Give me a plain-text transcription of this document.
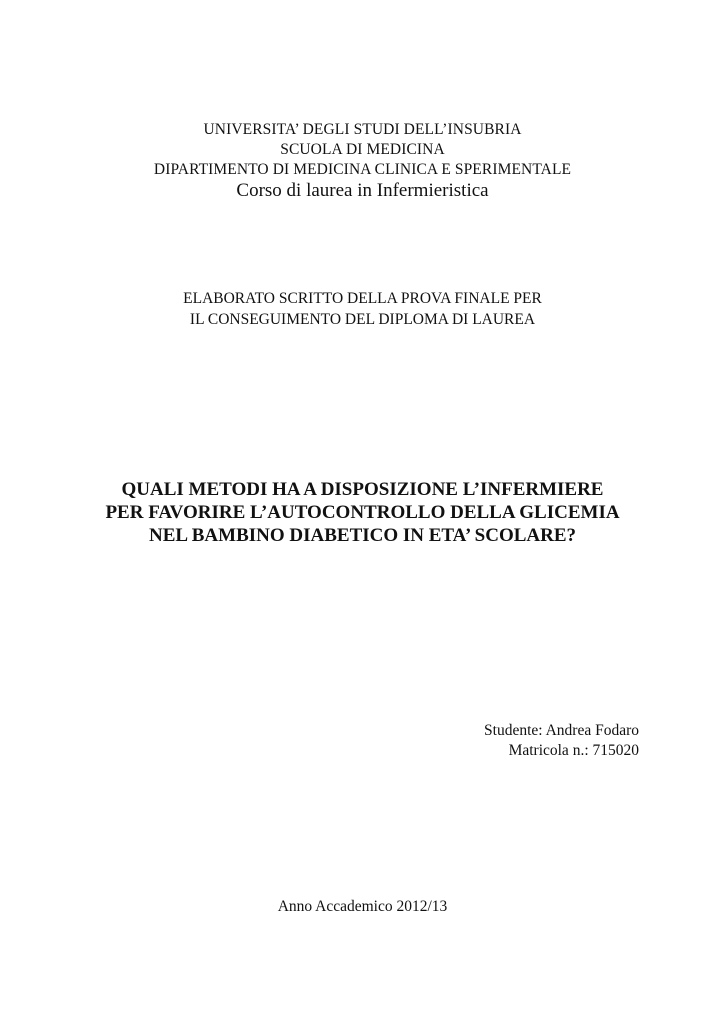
UNIVERSITA’ DEGLI STUDI DELL’INSUBRIA
SCUOLA DI MEDICINA
DIPARTIMENTO DI MEDICINA CLINICA E SPERIMENTALE
Corso di laurea in Infermieristica
ELABORATO SCRITTO DELLA PROVA FINALE PER
IL CONSEGUIMENTO DEL DIPLOMA DI LAUREA
QUALI METODI HA A DISPOSIZIONE L’INFERMIERE
PER FAVORIRE L’AUTOCONTROLLO DELLA GLICEMIA
NEL BAMBINO DIABETICO IN ETA’ SCOLARE?
Studente: Andrea Fodaro
Matricola n.: 715020
Anno Accademico 2012/13
